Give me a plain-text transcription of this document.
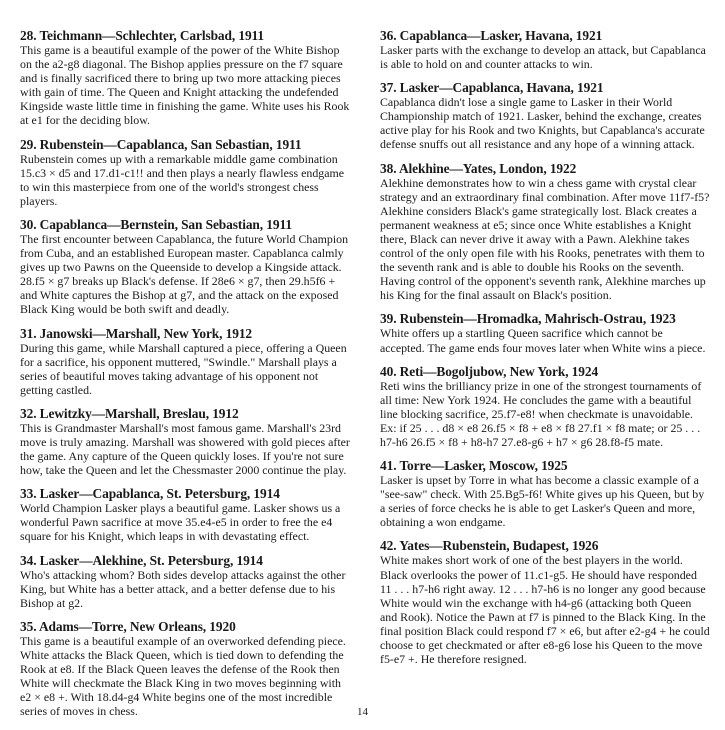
28. Teichmann—Schlechter, Carlsbad, 1911

This game is a beautiful example of the power of the White Bishop on the a2-g8 diagonal. The Bishop applies pressure on the f7 square and is finally sacrificed there to bring up two more attacking pieces with gain of time. The Queen and Knight attacking the undefended Kingside waste little time in finishing the game. White uses his Rook at e1 for the deciding blow.

29. Rubenstein—Capablanca, San Sebastian, 1911

Rubenstein comes up with a remarkable middle game combination 15.c3 × d5 and 17.d1-c1!! and then plays a nearly flawless endgame to win this masterpiece from one of the world's strongest chess players.

30. Capablanca—Bernstein, San Sebastian, 1911

The first encounter between Capablanca, the future World Champion from Cuba, and an established European master. Capablanca calmly gives up two Pawns on the Queenside to develop a Kingside attack. 28.f5 × g7 breaks up Black's defense. If 28e6 × g7, then 29.h5f6 + and White captures the Bishop at g7, and the attack on the exposed Black King would be both swift and deadly.

31. Janowski—Marshall, New York, 1912

During this game, while Marshall captured a piece, offering a Queen for a sacrifice, his opponent muttered, "Swindle." Marshall plays a series of beautiful moves taking advantage of his opponent not getting castled.

32. Lewitzky—Marshall, Breslau, 1912

This is Grandmaster Marshall's most famous game. Marshall's 23rd move is truly amazing. Marshall was showered with gold pieces after the game. Any capture of the Queen quickly loses. If you're not sure how, take the Queen and let the Chessmaster 2000 continue the play.

33. Lasker—Capablanca, St. Petersburg, 1914

World Champion Lasker plays a beautiful game. Lasker shows us a wonderful Pawn sacrifice at move 35.e4-e5 in order to free the e4 square for his Knight, which leaps in with devastating effect.

34. Lasker—Alekhine, St. Petersburg, 1914

Who's attacking whom? Both sides develop attacks against the other King, but White has a better attack, and a better defense due to his Bishop at g2.

35. Adams—Torre, New Orleans, 1920

This game is a beautiful example of an overworked defending piece. White attacks the Black Queen, which is tied down to defending the Rook at e8. If the Black Queen leaves the defense of the Rook then White will checkmate the Black King in two moves beginning with e2 × e8 +. With 18.d4-g4 White begins one of the most incredible series of moves in chess.

36. Capablanca—Lasker, Havana, 1921

Lasker parts with the exchange to develop an attack, but Capablanca is able to hold on and counter attacks to win.

37. Lasker—Capablanca, Havana, 1921

Capablanca didn't lose a single game to Lasker in their World Championship match of 1921. Lasker, behind the exchange, creates active play for his Rook and two Knights, but Capablanca's accurate defense snuffs out all resistance and any hope of a winning attack.

38. Alekhine—Yates, London, 1922

Alekhine demonstrates how to win a chess game with crystal clear strategy and an extraordinary final combination. After move 11f7-f5? Alekhine considers Black's game strategically lost. Black creates a permanent weakness at e5; since once White establishes a Knight there, Black can never drive it away with a Pawn. Alekhine takes control of the only open file with his Rooks, penetrates with them to the seventh rank and is able to double his Rooks on the seventh. Having control of the opponent's seventh rank, Alekhine marches up his King for the final assault on Black's position.

39. Rubenstein—Hromadka, Mahrisch-Ostrau, 1923

White offers up a startling Queen sacrifice which cannot be accepted. The game ends four moves later when White wins a piece.

40. Reti—Bogoljubow, New York, 1924

Reti wins the brilliancy prize in one of the strongest tournaments of all time: New York 1924. He concludes the game with a beautiful line blocking sacrifice, 25.f7-e8! when checkmate is unavoidable. Ex: if 25 . . . d8 × e8 26.f5 × f8 + e8 × f8 27.f1 × f8 mate; or 25 . . . h7-h6 26.f5 × f8 + h8-h7 27.e8-g6 + h7 × g6 28.f8-f5 mate.

41. Torre—Lasker, Moscow, 1925

Lasker is upset by Torre in what has become a classic example of a "see-saw" check. With 25.Bg5-f6! White gives up his Queen, but by a series of force checks he is able to get Lasker's Queen and more, obtaining a won endgame.

42. Yates—Rubenstein, Budapest, 1926

White makes short work of one of the best players in the world. Black overlooks the power of 11.c1-g5. He should have responded 11 . . . h7-h6 right away. 12 . . . h7-h6 is no longer any good because White would win the exchange with h4-g6 (attacking both Queen and Rook). Notice the Pawn at f7 is pinned to the Black King. In the final position Black could respond f7 × e6, but after e2-g4 + he could choose to get checkmated or after e8-g6 lose his Queen to the move f5-e7 +. He therefore resigned.

14
